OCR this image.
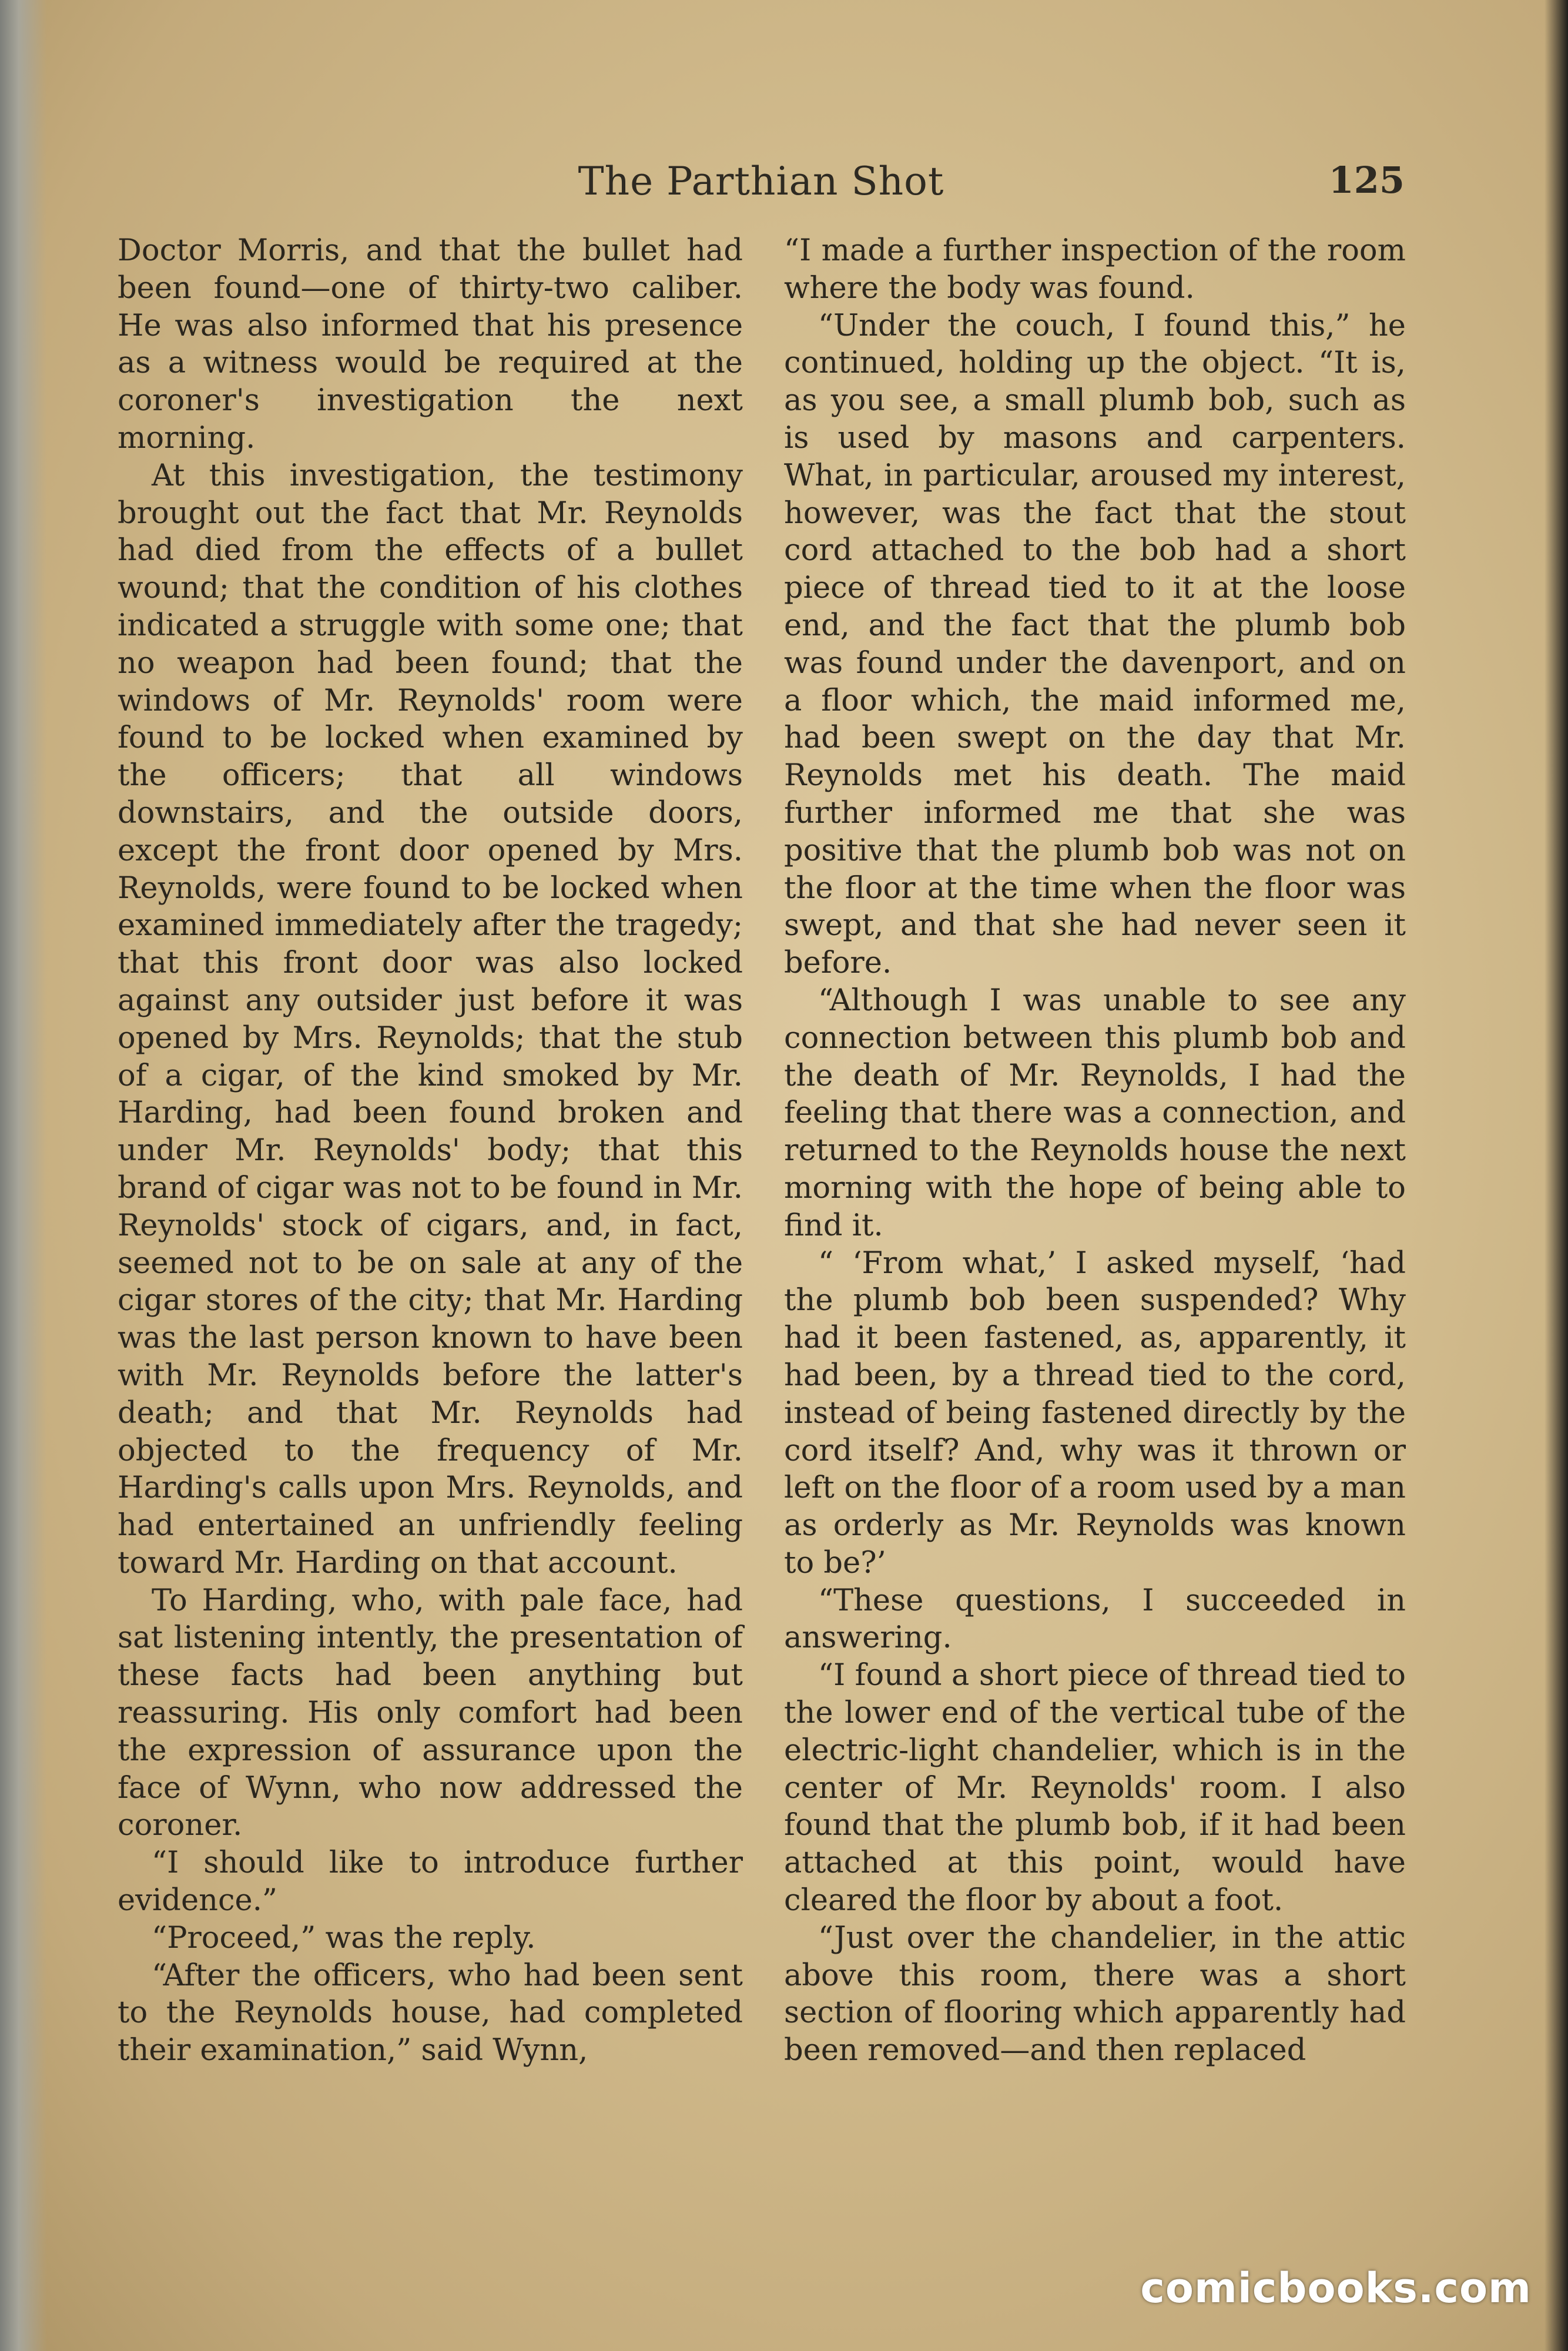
The Parthian Shot	125

Doctor Morris, and that the bullet had been found—one of thirty-two caliber. He was also informed that his presence as a witness would be required at the coroner's investigation the next morning.

At this investigation, the testimony brought out the fact that Mr. Reynolds had died from the effects of a bullet wound; that the condition of his clothes indicated a struggle with some one; that no weapon had been found; that the windows of Mr. Reynolds' room were found to be locked when examined by the officers; that all windows downstairs, and the outside doors, except the front door opened by Mrs. Reynolds, were found to be locked when examined immediately after the tragedy; that this front door was also locked against any outsider just before it was opened by Mrs. Reynolds; that the stub of a cigar, of the kind smoked by Mr. Harding, had been found broken and under Mr. Reynolds' body; that this brand of cigar was not to be found in Mr. Reynolds' stock of cigars, and, in fact, seemed not to be on sale at any of the cigar stores of the city; that Mr. Harding was the last person known to have been with Mr. Reynolds before the latter's death; and that Mr. Reynolds had objected to the frequency of Mr. Harding's calls upon Mrs. Reynolds, and had entertained an unfriendly feeling toward Mr. Harding on that account.

To Harding, who, with pale face, had sat listening intently, the presentation of these facts had been anything but reassuring. His only comfort had been the expression of assurance upon the face of Wynn, who now addressed the coroner.

“I should like to introduce further evidence.”

“Proceed,” was the reply.

“After the officers, who had been sent to the Reynolds house, had completed their examination,” said Wynn,

“I made a further inspection of the room where the body was found.

“Under the couch, I found this,” he continued, holding up the object. “It is, as you see, a small plumb bob, such as is used by masons and carpenters. What, in particular, aroused my interest, however, was the fact that the stout cord attached to the bob had a short piece of thread tied to it at the loose end, and the fact that the plumb bob was found under the davenport, and on a floor which, the maid informed me, had been swept on the day that Mr. Reynolds met his death. The maid further informed me that she was positive that the plumb bob was not on the floor at the time when the floor was swept, and that she had never seen it before.

“Although I was unable to see any connection between this plumb bob and the death of Mr. Reynolds, I had the feeling that there was a connection, and returned to the Reynolds house the next morning with the hope of being able to find it.

“ ‘From what,’ I asked myself, ‘had the plumb bob been suspended? Why had it been fastened, as, apparently, it had been, by a thread tied to the cord, instead of being fastened directly by the cord itself? And, why was it thrown or left on the floor of a room used by a man as orderly as Mr. Reynolds was known to be?’

“These questions, I succeeded in answering.

“I found a short piece of thread tied to the lower end of the vertical tube of the electric-light chandelier, which is in the center of Mr. Reynolds' room. I also found that the plumb bob, if it had been attached at this point, would have cleared the floor by about a foot.

“Just over the chandelier, in the attic above this room, there was a short section of flooring which apparently had been removed—and then replaced

comicbooks.com
